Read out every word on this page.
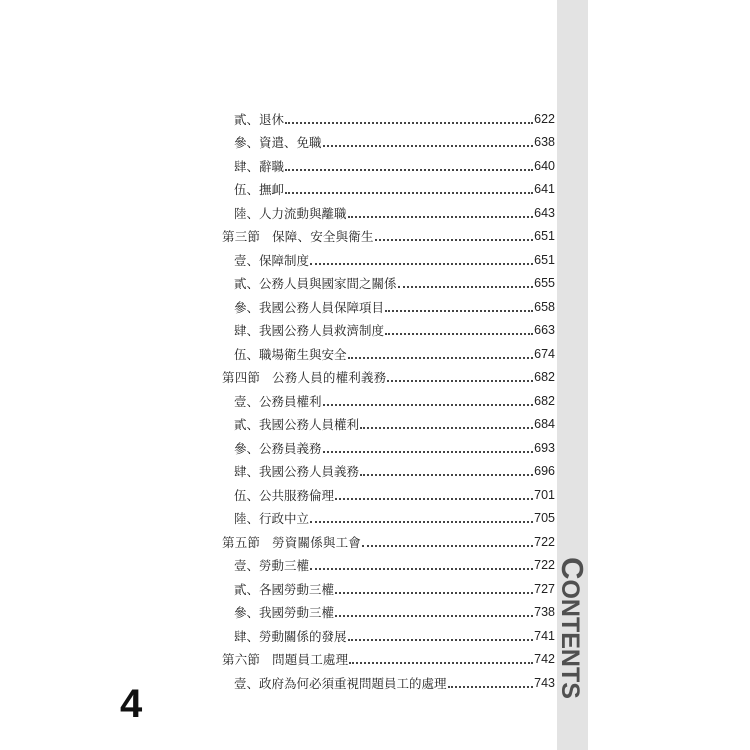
貳、退休	622
參、資遣、免職	638
肆、辭職	640
伍、撫卹	641
陸、人力流動與離職	643
第三節 保障、安全與衛生	651
壹、保障制度	651
貳、公務人員與國家間之關係	655
參、我國公務人員保障項目	658
肆、我國公務人員救濟制度	663
伍、職場衛生與安全	674
第四節 公務人員的權利義務	682
壹、公務員權利	682
貳、我國公務人員權利	684
參、公務員義務	693
肆、我國公務人員義務	696
伍、公共服務倫理	701
陸、行政中立	705
第五節 勞資關係與工會	722
壹、勞動三權	722
貳、各國勞動三權	727
參、我國勞動三權	738
肆、勞動關係的發展	741
第六節 問題員工處理	742
壹、政府為何必須重視問題員工的處理	743
CONTENTS
4
